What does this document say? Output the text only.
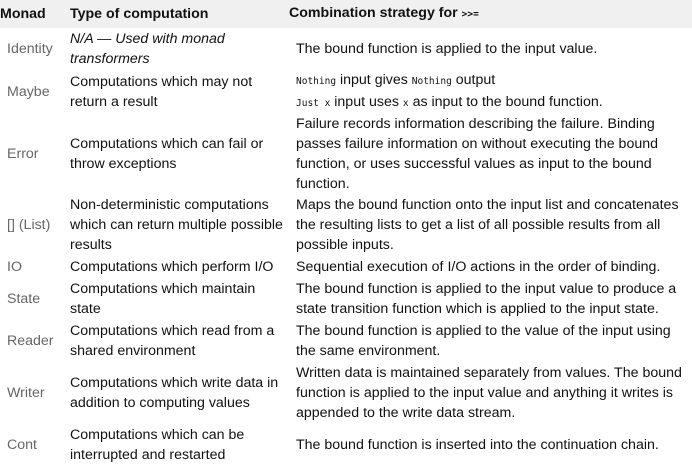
Monad	Type of computation	Combination strategy for >>=
Identity	N/A — Used with monad transformers	The bound function is applied to the input value.
Maybe	Computations which may not return a result	Nothing input gives Nothing output
Just x input uses x as input to the bound function.

Error	Computations which can fail or throw exceptions	Failure records information describing the failure. Binding passes failure information on without executing the bound function, or uses successful values as input to the bound function.
[] (List)	Non-deterministic computations which can return multiple possible results	Maps the bound function onto the input list and concatenates the resulting lists to get a list of all possible results from all possible inputs.
IO	Computations which perform I/O	Sequential execution of I/O actions in the order of binding.
State	Computations which maintain state	The bound function is applied to the input value to produce a state transition function which is applied to the input state.
Reader	Computations which read from a shared environment	The bound function is applied to the value of the input using the same environment.
Writer	Computations which write data in addition to computing values	Written data is maintained separately from values. The bound function is applied to the input value and anything it writes is appended to the write data stream.
Cont	Computations which can be interrupted and restarted	The bound function is inserted into the continuation chain.
